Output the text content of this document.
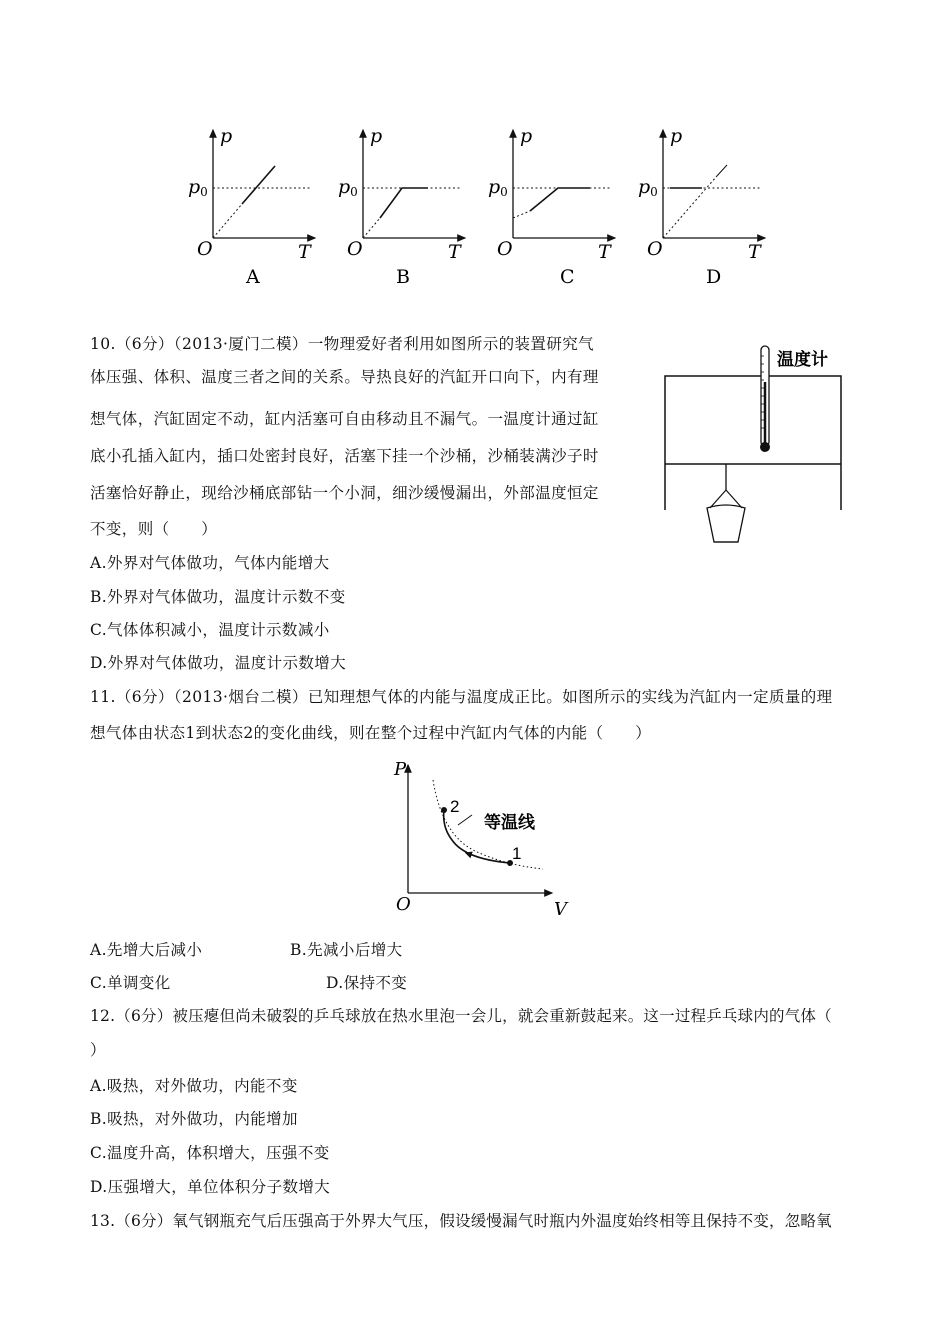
p
T
O
p0
A
p
T
O
p0
B
p
T
O
p0
C
p
T
O
p0
D
10.（6分）（2013·厦门二模）一物理爱好者利用如图所示的装置研究气
体压强、体积、温度三者之间的关系。导热良好的汽缸开口向下，内有理
想气体，汽缸固定不动，缸内活塞可自由移动且不漏气。一温度计通过缸
底小孔插入缸内，插口处密封良好，活塞下挂一个沙桶，沙桶装满沙子时
活塞恰好静止，现给沙桶底部钻一个小洞，细沙缓慢漏出，外部温度恒定
不变，则（　　）
温度计
A.外界对气体做功，气体内能增大
B.外界对气体做功，温度计示数不变
C.气体体积减小，温度计示数减小
D.外界对气体做功，温度计示数增大
11.（6分）（2013·烟台二模）已知理想气体的内能与温度成正比。如图所示的实线为汽缸内一定质量的理
想气体由状态1到状态2的变化曲线，则在整个过程中汽缸内气体的内能（　　）
P
V
O
2
1
等温线
A.先增大后减小	B.先减小后增大
C.单调变化	D.保持不变
12.（6分）被压瘪但尚未破裂的乒乓球放在热水里泡一会儿，就会重新鼓起来。这一过程乒乓球内的气体（
）
A.吸热，对外做功，内能不变
B.吸热，对外做功，内能增加
C.温度升高，体积增大，压强不变
D.压强增大，单位体积分子数增大
13.（6分）氧气钢瓶充气后压强高于外界大气压，假设缓慢漏气时瓶内外温度始终相等且保持不变，忽略氧
